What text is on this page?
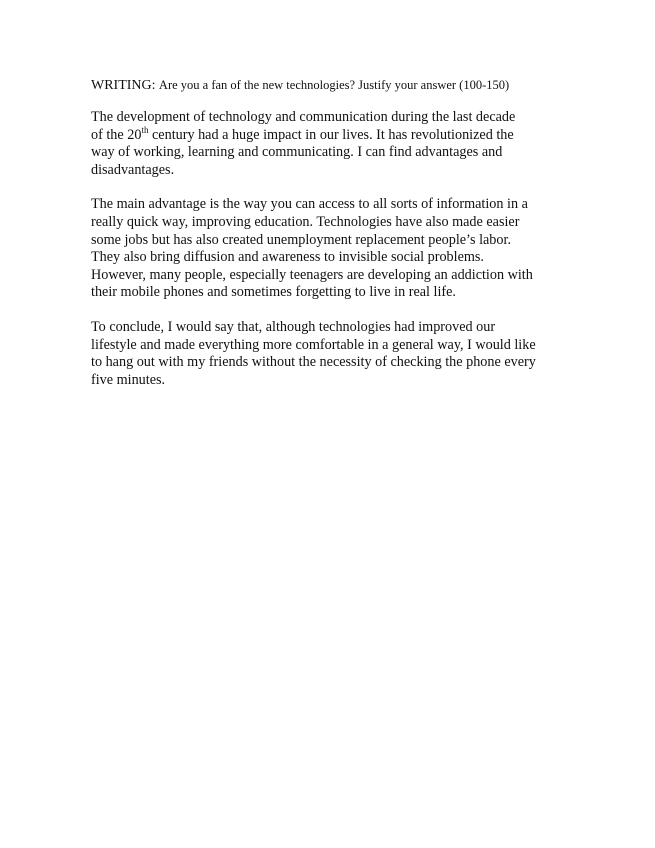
WRITING: Are you a fan of the new technologies? Justify your answer (100-150)

The development of technology and communication during the last decade
of the 20th century had a huge impact in our lives. It has revolutionized the
way of working, learning and communicating. I can find advantages and
disadvantages.

The main advantage is the way you can access to all sorts of information in a
really quick way, improving education. Technologies have also made easier
some jobs but has also created unemployment replacement people’s labor.
They also bring diffusion and awareness to invisible social problems.
However, many people, especially teenagers are developing an addiction with
their mobile phones and sometimes forgetting to live in real life.

To conclude, I would say that, although technologies had improved our
lifestyle and made everything more comfortable in a general way, I would like
to hang out with my friends without the necessity of checking the phone every
five minutes.
